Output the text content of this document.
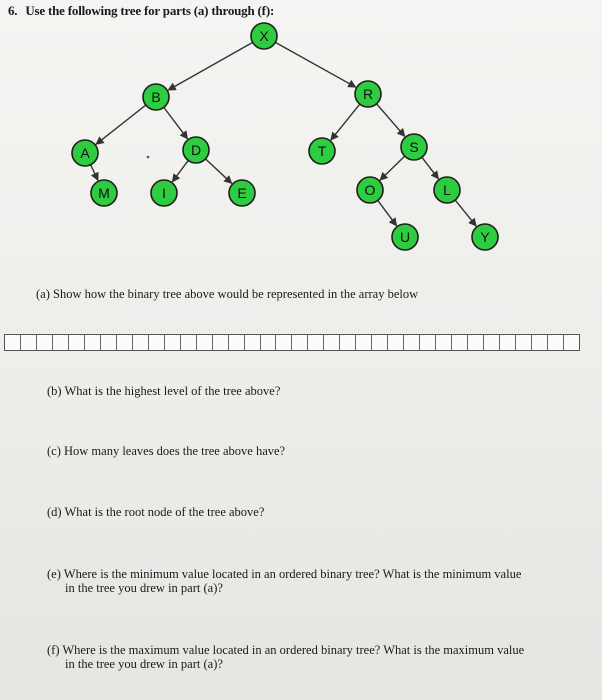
6. Use the following tree for parts (a) through (f):
X
B	R
A	D	T	S
M	I	E	O	L
U	Y
(a) Show how the binary tree above would be represented in the array below
(b) What is the highest level of the tree above?
(c) How many leaves does the tree above have?
(d) What is the root node of the tree above?
(e) Where is the minimum value located in an ordered binary tree? What is the minimum value
in the tree you drew in part (a)?
(f) Where is the maximum value located in an ordered binary tree? What is the maximum value
in the tree you drew in part (a)?
